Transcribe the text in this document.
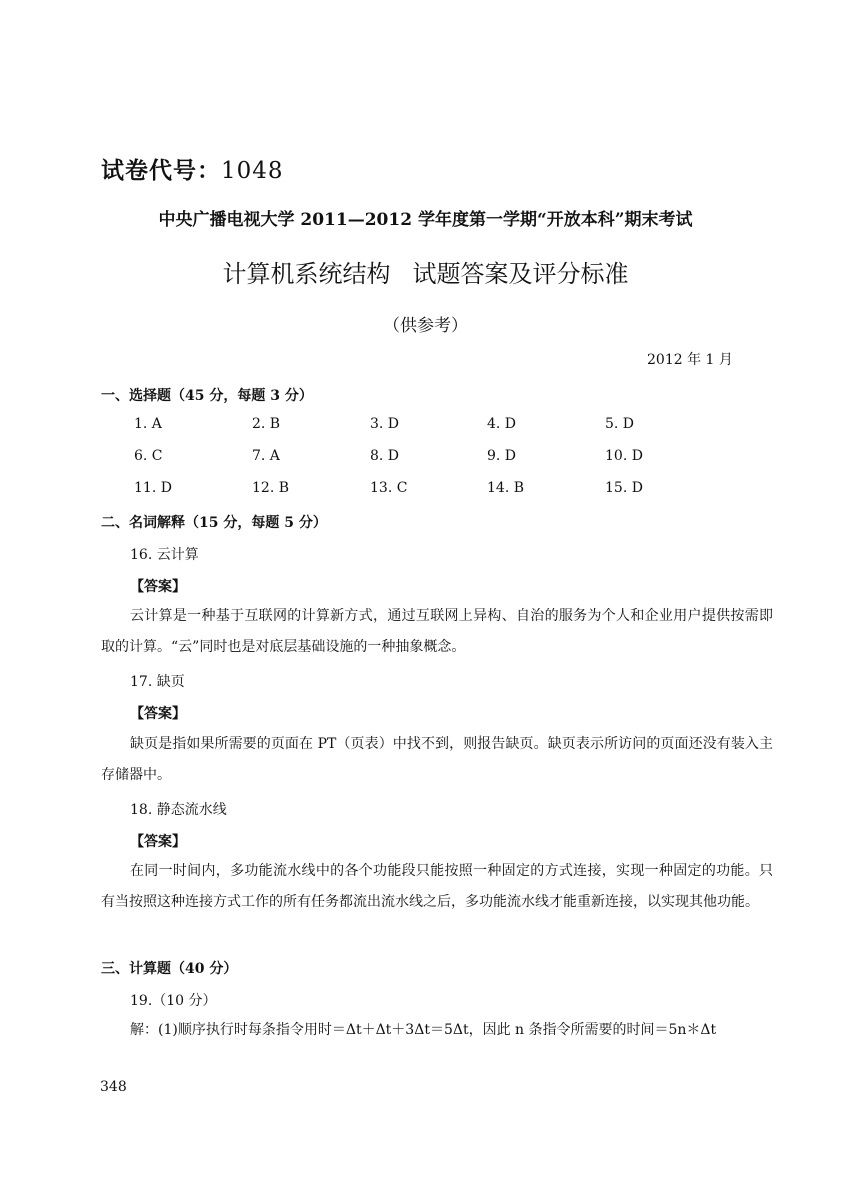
试卷代号：1048
中央广播电视大学 2011—2012 学年度第一学期“开放本科”期末考试
计算机系统结构 试题答案及评分标准
（供参考）
2012 年 1 月
一、选择题（45 分，每题 3 分）
1. A	2. B	3. D	4. D	5. D
6. C	7. A	8. D	9. D	10. D
11. D	12. B	13. C	14. B	15. D
二、名词解释（15 分，每题 5 分）
16. 云计算
【答案】
云计算是一种基于互联网的计算新方式，通过互联网上异构、自治的服务为个人和企业用户提供按需即取的计算。“云”同时也是对底层基础设施的一种抽象概念。
17. 缺页
【答案】
缺页是指如果所需要的页面在 PT（页表）中找不到，则报告缺页。缺页表示所访问的页面还没有装入主存储器中。
18. 静态流水线
【答案】
在同一时间内，多功能流水线中的各个功能段只能按照一种固定的方式连接，实现一种固定的功能。只有当按照这种连接方式工作的所有任务都流出流水线之后，多功能流水线才能重新连接，以实现其他功能。
三、计算题（40 分）
19.（10 分）
解：(1)顺序执行时每条指令用时＝Δt＋Δt＋3Δt＝5Δt，因此 n 条指令所需要的时间＝5n＊Δt
348
